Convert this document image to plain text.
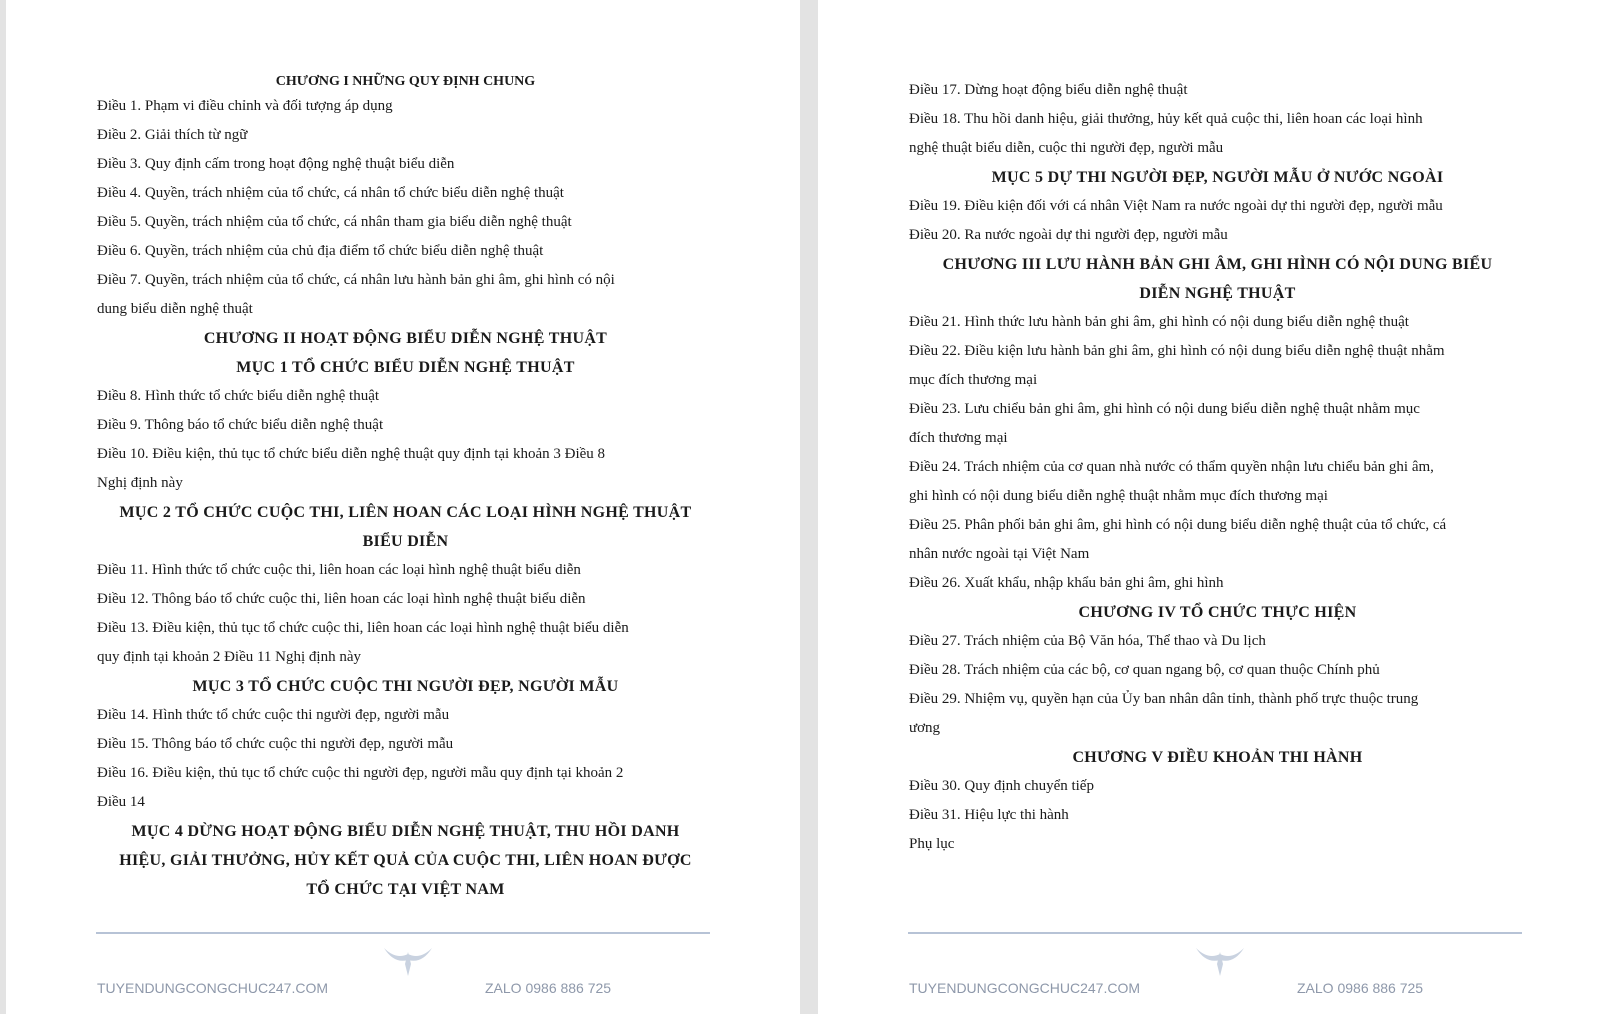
CHƯƠNG I NHỮNG QUY ĐỊNH CHUNG

Điều 1. Phạm vi điều chỉnh và đối tượng áp dụng

Điều 2. Giải thích từ ngữ

Điều 3. Quy định cấm trong hoạt động nghệ thuật biểu diễn

Điều 4. Quyền, trách nhiệm của tổ chức, cá nhân tổ chức biểu diễn nghệ thuật

Điều 5. Quyền, trách nhiệm của tổ chức, cá nhân tham gia biểu diễn nghệ thuật

Điều 6. Quyền, trách nhiệm của chủ địa điểm tổ chức biểu diễn nghệ thuật

Điều 7. Quyền, trách nhiệm của tổ chức, cá nhân lưu hành bản ghi âm, ghi hình có nội

dung biểu diễn nghệ thuật

CHƯƠNG II HOẠT ĐỘNG BIỂU DIỄN NGHỆ THUẬT

MỤC 1 TỔ CHỨC BIỂU DIỄN NGHỆ THUẬT

Điều 8. Hình thức tổ chức biểu diễn nghệ thuật

Điều 9. Thông báo tổ chức biểu diễn nghệ thuật

Điều 10. Điều kiện, thủ tục tổ chức biểu diễn nghệ thuật quy định tại khoản 3 Điều 8

Nghị định này

MỤC 2 TỔ CHỨC CUỘC THI, LIÊN HOAN CÁC LOẠI HÌNH NGHỆ THUẬT

BIỂU DIỄN

Điều 11. Hình thức tổ chức cuộc thi, liên hoan các loại hình nghệ thuật biểu diễn

Điều 12. Thông báo tổ chức cuộc thi, liên hoan các loại hình nghệ thuật biểu diễn

Điều 13. Điều kiện, thủ tục tổ chức cuộc thi, liên hoan các loại hình nghệ thuật biểu diễn

quy định tại khoản 2 Điều 11 Nghị định này

MỤC 3 TỔ CHỨC CUỘC THI NGƯỜI ĐẸP, NGƯỜI MẪU

Điều 14. Hình thức tổ chức cuộc thi người đẹp, người mẫu

Điều 15. Thông báo tổ chức cuộc thi người đẹp, người mẫu

Điều 16. Điều kiện, thủ tục tổ chức cuộc thi người đẹp, người mẫu quy định tại khoản 2

Điều 14

MỤC 4 DỪNG HOẠT ĐỘNG BIỂU DIỄN NGHỆ THUẬT, THU HỒI DANH

HIỆU, GIẢI THƯỞNG, HỦY KẾT QUẢ CỦA CUỘC THI, LIÊN HOAN ĐƯỢC

TỔ CHỨC TẠI VIỆT NAM

TUYENDUNGCONGCHUC247.COM	ZALO 0986 886 725

Điều 17. Dừng hoạt động biểu diễn nghệ thuật

Điều 18. Thu hồi danh hiệu, giải thưởng, hủy kết quả cuộc thi, liên hoan các loại hình

nghệ thuật biểu diễn, cuộc thi người đẹp, người mẫu

MỤC 5 DỰ THI NGƯỜI ĐẸP, NGƯỜI MẪU Ở NƯỚC NGOÀI

Điều 19. Điều kiện đối với cá nhân Việt Nam ra nước ngoài dự thi người đẹp, người mẫu

Điều 20. Ra nước ngoài dự thi người đẹp, người mẫu

CHƯƠNG III LƯU HÀNH BẢN GHI ÂM, GHI HÌNH CÓ NỘI DUNG BIỂU

DIỄN NGHỆ THUẬT

Điều 21. Hình thức lưu hành bản ghi âm, ghi hình có nội dung biểu diễn nghệ thuật

Điều 22. Điều kiện lưu hành bản ghi âm, ghi hình có nội dung biểu diễn nghệ thuật nhằm

mục đích thương mại

Điều 23. Lưu chiểu bản ghi âm, ghi hình có nội dung biểu diễn nghệ thuật nhằm mục

đích thương mại

Điều 24. Trách nhiệm của cơ quan nhà nước có thẩm quyền nhận lưu chiểu bản ghi âm,

ghi hình có nội dung biểu diễn nghệ thuật nhằm mục đích thương mại

Điều 25. Phân phối bản ghi âm, ghi hình có nội dung biểu diễn nghệ thuật của tổ chức, cá

nhân nước ngoài tại Việt Nam

Điều 26. Xuất khẩu, nhập khẩu bản ghi âm, ghi hình

CHƯƠNG IV TỔ CHỨC THỰC HIỆN

Điều 27. Trách nhiệm của Bộ Văn hóa, Thể thao và Du lịch

Điều 28. Trách nhiệm của các bộ, cơ quan ngang bộ, cơ quan thuộc Chính phủ

Điều 29. Nhiệm vụ, quyền hạn của Ủy ban nhân dân tỉnh, thành phố trực thuộc trung

ương

CHƯƠNG V ĐIỀU KHOẢN THI HÀNH

Điều 30. Quy định chuyển tiếp

Điều 31. Hiệu lực thi hành

Phụ lục

TUYENDUNGCONGCHUC247.COM	ZALO 0986 886 725
